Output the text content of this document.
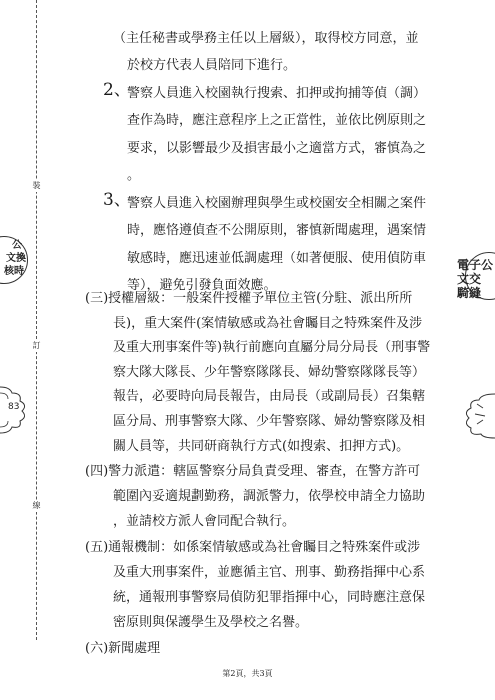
裝
訂
線
公
文換
核時
83
電子公
文交
騎縫
（主任秘書或學務主任以上層級），取得校方同意，並
於校方代表人員陪同下進行。
2、
警察人員進入校園執行搜索、扣押或拘捕等偵（調）
查作為時，應注意程序上之正當性，並依比例原則之
要求，以影響最少及損害最小之適當方式，審慎為之
。
3、
警察人員進入校園辦理與學生或校園安全相關之案件
時，應恪遵偵查不公開原則，審慎新聞處理，遇案情
敏感時，應迅速並低調處理（如著便服、使用偵防車
等），避免引發負面效應。
(三)授權層級：一般案件授權予單位主管(分駐、派出所所
長)，重大案件(案情敏感或為社會矚目之特殊案件及涉
及重大刑事案件等)執行前應向直屬分局分局長（刑事警
察大隊大隊長、少年警察隊隊長、婦幼警察隊隊長等）
報告，必要時向局長報告，由局長（或副局長）召集轄
區分局、刑事警察大隊、少年警察隊、婦幼警察隊及相
關人員等，共同研商執行方式(如搜索、扣押方式)。
(四)警力派遣：轄區警察分局負責受理、審查，在警方許可
範圍內妥適規劃勤務，調派警力，依學校申請全力協助
，並請校方派人會同配合執行。
(五)通報機制：如係案情敏感或為社會矚目之特殊案件或涉
及重大刑事案件，並應循主官、刑事、勤務指揮中心系
統，通報刑事警察局偵防犯罪指揮中心，同時應注意保
密原則與保護學生及學校之名譽。
(六)新聞處理
第2頁，共3頁
